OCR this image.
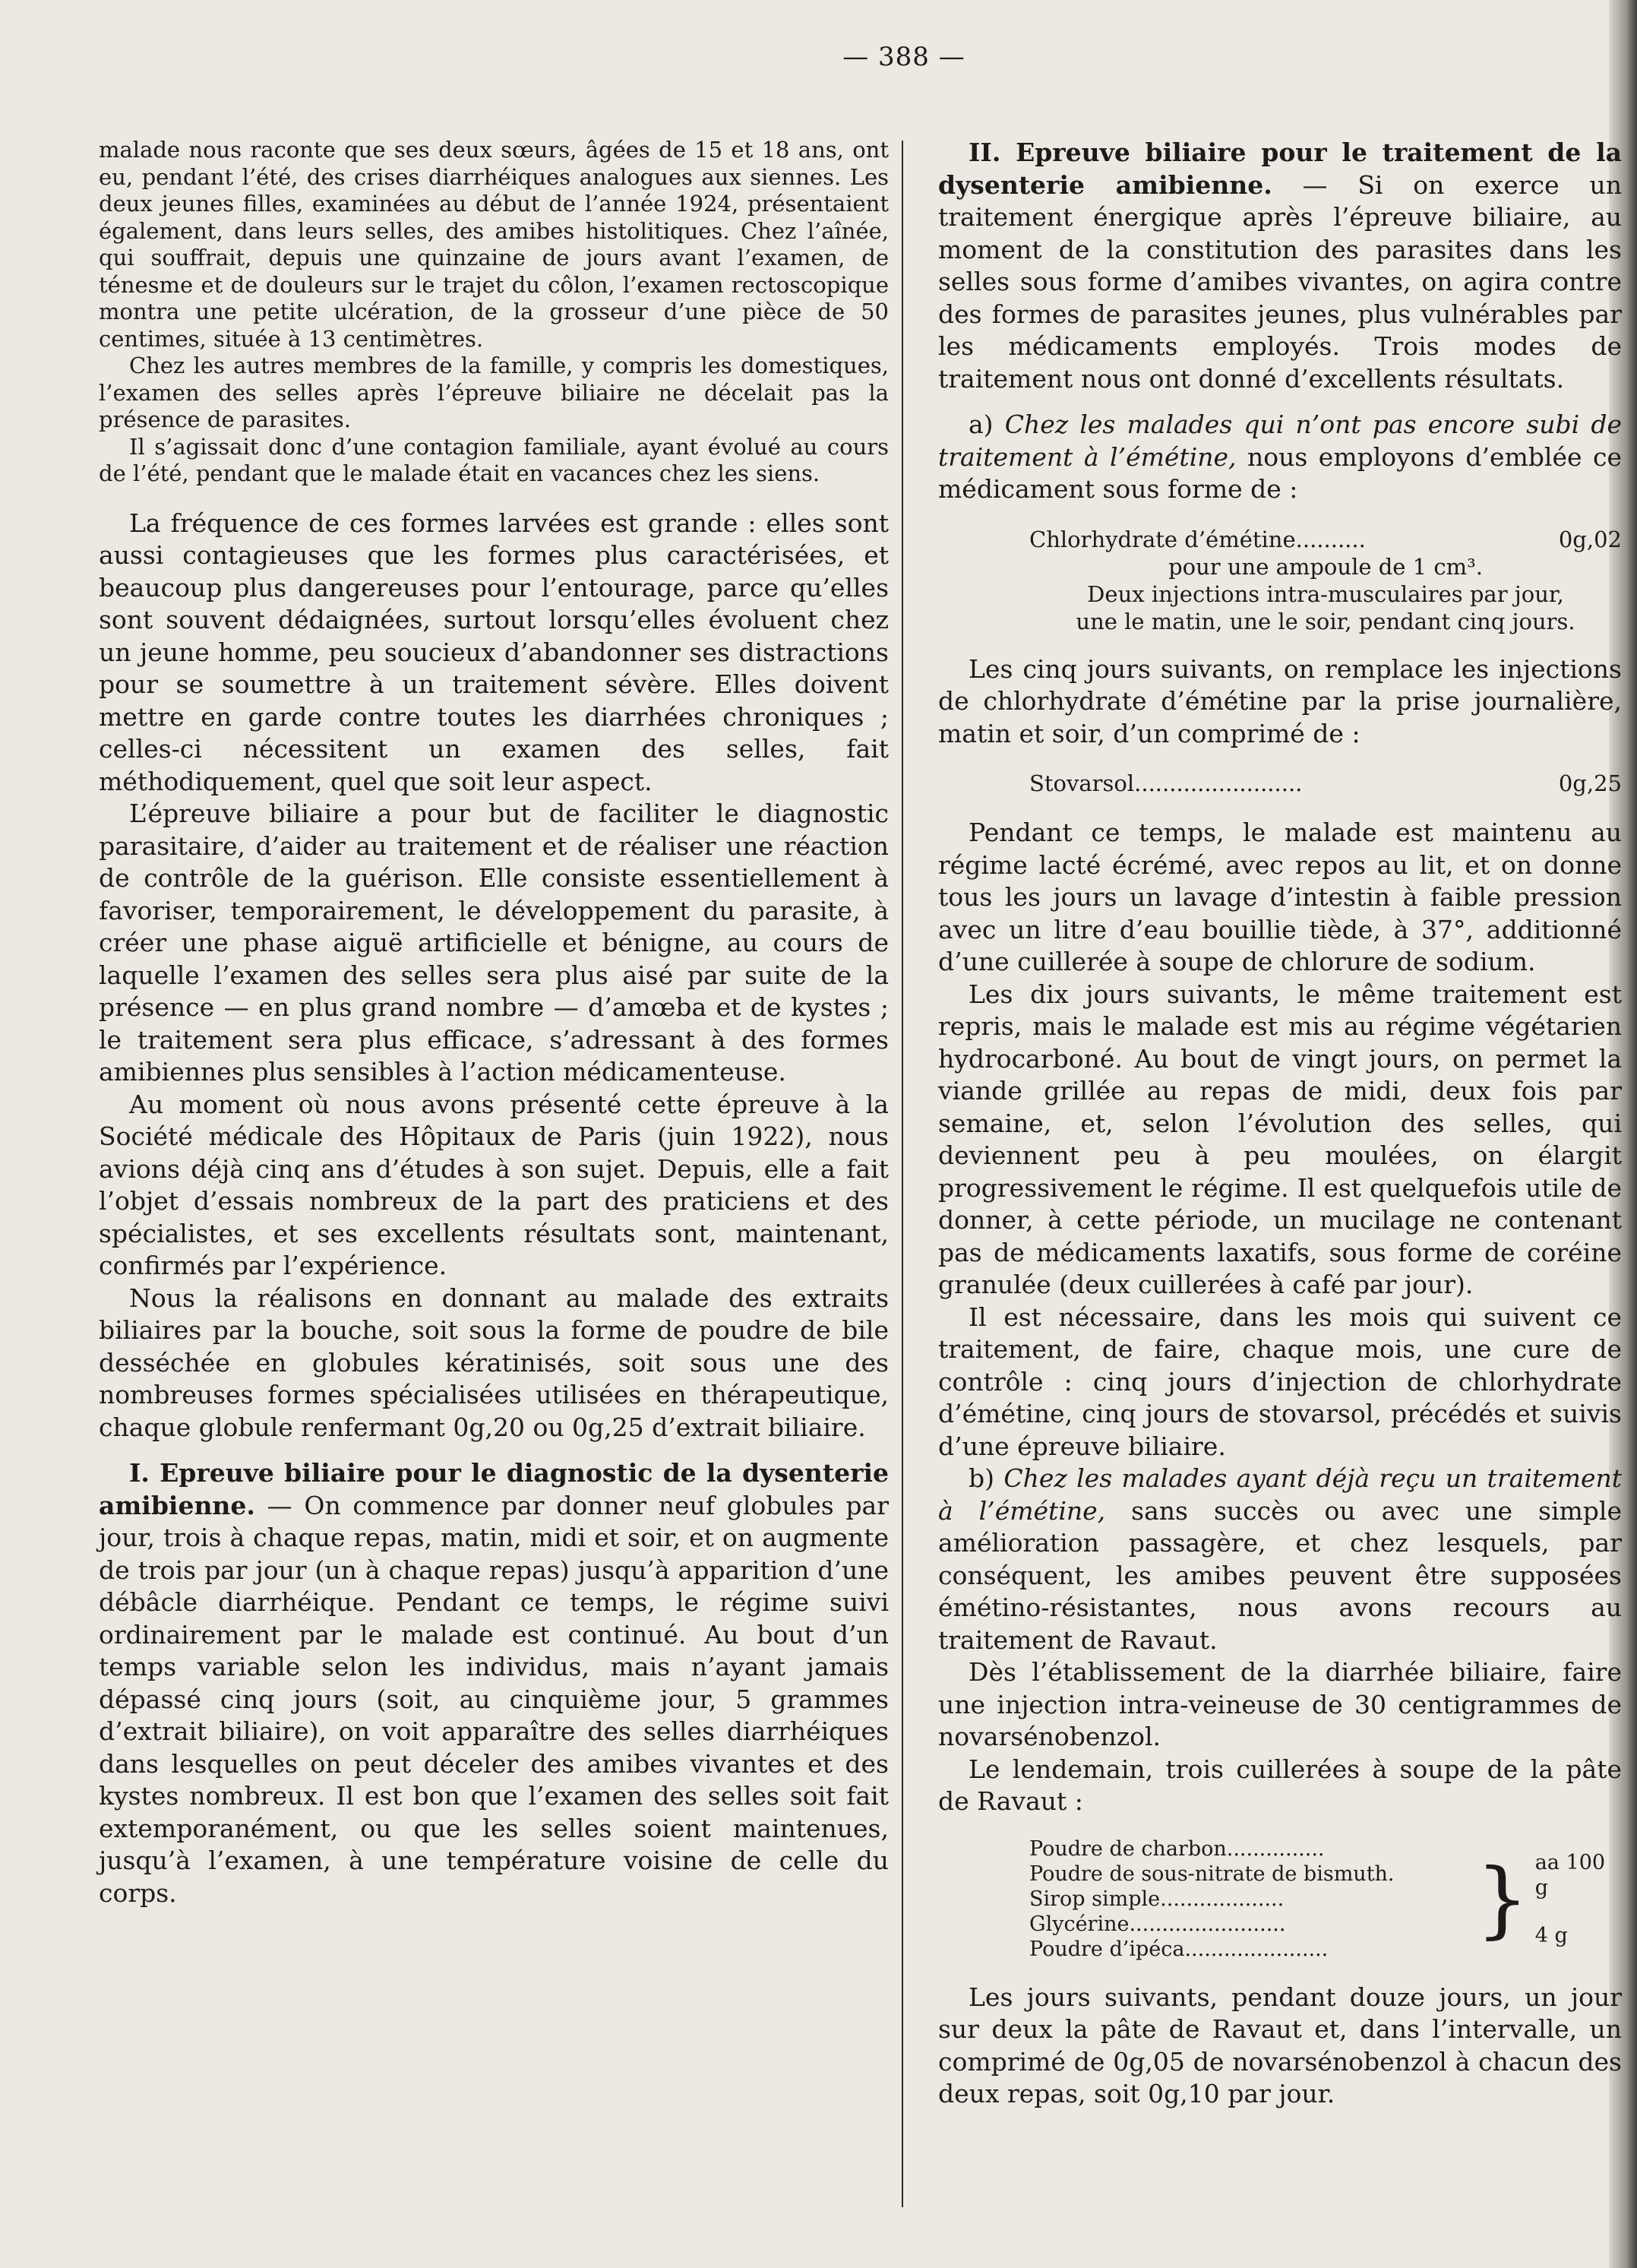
— 388 —

malade nous raconte que ses deux sœurs, âgées de 15 et 18 ans, ont eu, pendant l’été, des crises diarrhéiques analogues aux siennes. Les deux jeunes filles, examinées au début de l’année 1924, présentaient également, dans leurs selles, des amibes histolitiques. Chez l’aînée, qui souffrait, depuis une quinzaine de jours avant l’examen, de ténesme et de douleurs sur le trajet du côlon, l’examen rectoscopique montra une petite ulcération, de la grosseur d’une pièce de 50 centimes, située à 13 centimètres.

Chez les autres membres de la famille, y compris les domestiques, l’examen des selles après l’épreuve biliaire ne décelait pas la présence de parasites.

Il s’agissait donc d’une contagion familiale, ayant évolué au cours de l’été, pendant que le malade était en vacances chez les siens.

La fréquence de ces formes larvées est grande : elles sont aussi contagieuses que les formes plus caractérisées, et beaucoup plus dangereuses pour l’entourage, parce qu’elles sont souvent dédaignées, surtout lorsqu’elles évoluent chez un jeune homme, peu soucieux d’abandonner ses distractions pour se soumettre à un traitement sévère. Elles doivent mettre en garde contre toutes les diarrhées chroniques ; celles-ci nécessitent un examen des selles, fait méthodiquement, quel que soit leur aspect.

L’épreuve biliaire a pour but de faciliter le diagnostic parasitaire, d’aider au traitement et de réaliser une réaction de contrôle de la guérison. Elle consiste essentiellement à favoriser, temporairement, le développement du parasite, à créer une phase aiguë artificielle et bénigne, au cours de laquelle l’examen des selles sera plus aisé par suite de la présence — en plus grand nombre — d’amœba et de kystes ; le traitement sera plus efficace, s’adressant à des formes amibiennes plus sensibles à l’action médicamenteuse.

Au moment où nous avons présenté cette épreuve à la Société médicale des Hôpitaux de Paris (juin 1922), nous avions déjà cinq ans d’études à son sujet. Depuis, elle a fait l’objet d’essais nombreux de la part des praticiens et des spécialistes, et ses excellents résultats sont, maintenant, confirmés par l’expérience.

Nous la réalisons en donnant au malade des extraits biliaires par la bouche, soit sous la forme de poudre de bile desséchée en globules kératinisés, soit sous une des nombreuses formes spécialisées utilisées en thérapeutique, chaque globule renfermant 0g,20 ou 0g,25 d’extrait biliaire.

I. Epreuve biliaire pour le diagnostic de la dysenterie amibienne. — On commence par donner neuf globules par jour, trois à chaque repas, matin, midi et soir, et on augmente de trois par jour (un à chaque repas) jusqu’à apparition d’une débâcle diarrhéique. Pendant ce temps, le régime suivi ordinairement par le malade est continué. Au bout d’un temps variable selon les individus, mais n’ayant jamais dépassé cinq jours (soit, au cinquième jour, 5 grammes d’extrait biliaire), on voit apparaître des selles diarrhéiques dans lesquelles on peut déceler des amibes vivantes et des kystes nombreux. Il est bon que l’examen des selles soit fait extemporanément, ou que les selles soient maintenues, jusqu’à l’examen, à une température voisine de celle du corps.

II. Epreuve biliaire pour le traitement de la dysenterie amibienne. — Si on exerce un traitement énergique après l’épreuve biliaire, au moment de la constitution des parasites dans les selles sous forme d’amibes vivantes, on agira contre des formes de parasites jeunes, plus vulnérables par les médicaments employés. Trois modes de traitement nous ont donné d’excellents résultats.

a) Chez les malades qui n’ont pas encore subi de traitement à l’émétine, nous employons d’emblée ce médicament sous forme de :

Chlorhydrate d’émétine ..........	0g,02
pour une ampoule de 1 cm³.
Deux injections intra-musculaires par jour,
une le matin, une le soir, pendant cinq jours.

Les cinq jours suivants, on remplace les injections de chlorhydrate d’émétine par la prise journalière, matin et soir, d’un comprimé de :

Stovarsol ........................	0g,25

Pendant ce temps, le malade est maintenu au régime lacté écrémé, avec repos au lit, et on donne tous les jours un lavage d’intestin à faible pression avec un litre d’eau bouillie tiède, à 37°, additionné d’une cuillerée à soupe de chlorure de sodium.

Les dix jours suivants, le même traitement est repris, mais le malade est mis au régime végétarien hydrocarboné. Au bout de vingt jours, on permet la viande grillée au repas de midi, deux fois par semaine, et, selon l’évolution des selles, qui deviennent peu à peu moulées, on élargit progressivement le régime. Il est quelquefois utile de donner, à cette période, un mucilage ne contenant pas de médicaments laxatifs, sous forme de coréine granulée (deux cuillerées à café par jour).

Il est nécessaire, dans les mois qui suivent ce traitement, de faire, chaque mois, une cure de contrôle : cinq jours d’injection de chlorhydrate d’émétine, cinq jours de stovarsol, précédés et suivis d’une épreuve biliaire.

b) Chez les malades ayant déjà reçu un traitement à l’émétine, sans succès ou avec une simple amélioration passagère, et chez lesquels, par conséquent, les amibes peuvent être supposées émétino-résistantes, nous avons recours au traitement de Ravaut.

Dès l’établissement de la diarrhée biliaire, faire une injection intra-veineuse de 30 centigrammes de novarsénobenzol.

Le lendemain, trois cuillerées à soupe de la pâte de Ravaut :

Poudre de charbon ...............
Poudre de sous-nitrate de bismuth.
Sirop simple ...................
Glycérine ........................
Poudre d’ipéca ......................
} aa 100 g
4 g

Les jours suivants, pendant douze jours, un jour sur deux la pâte de Ravaut et, dans l’intervalle, un comprimé de 0g,05 de novarsénobenzol à chacun des deux repas, soit 0g,10 par jour.
